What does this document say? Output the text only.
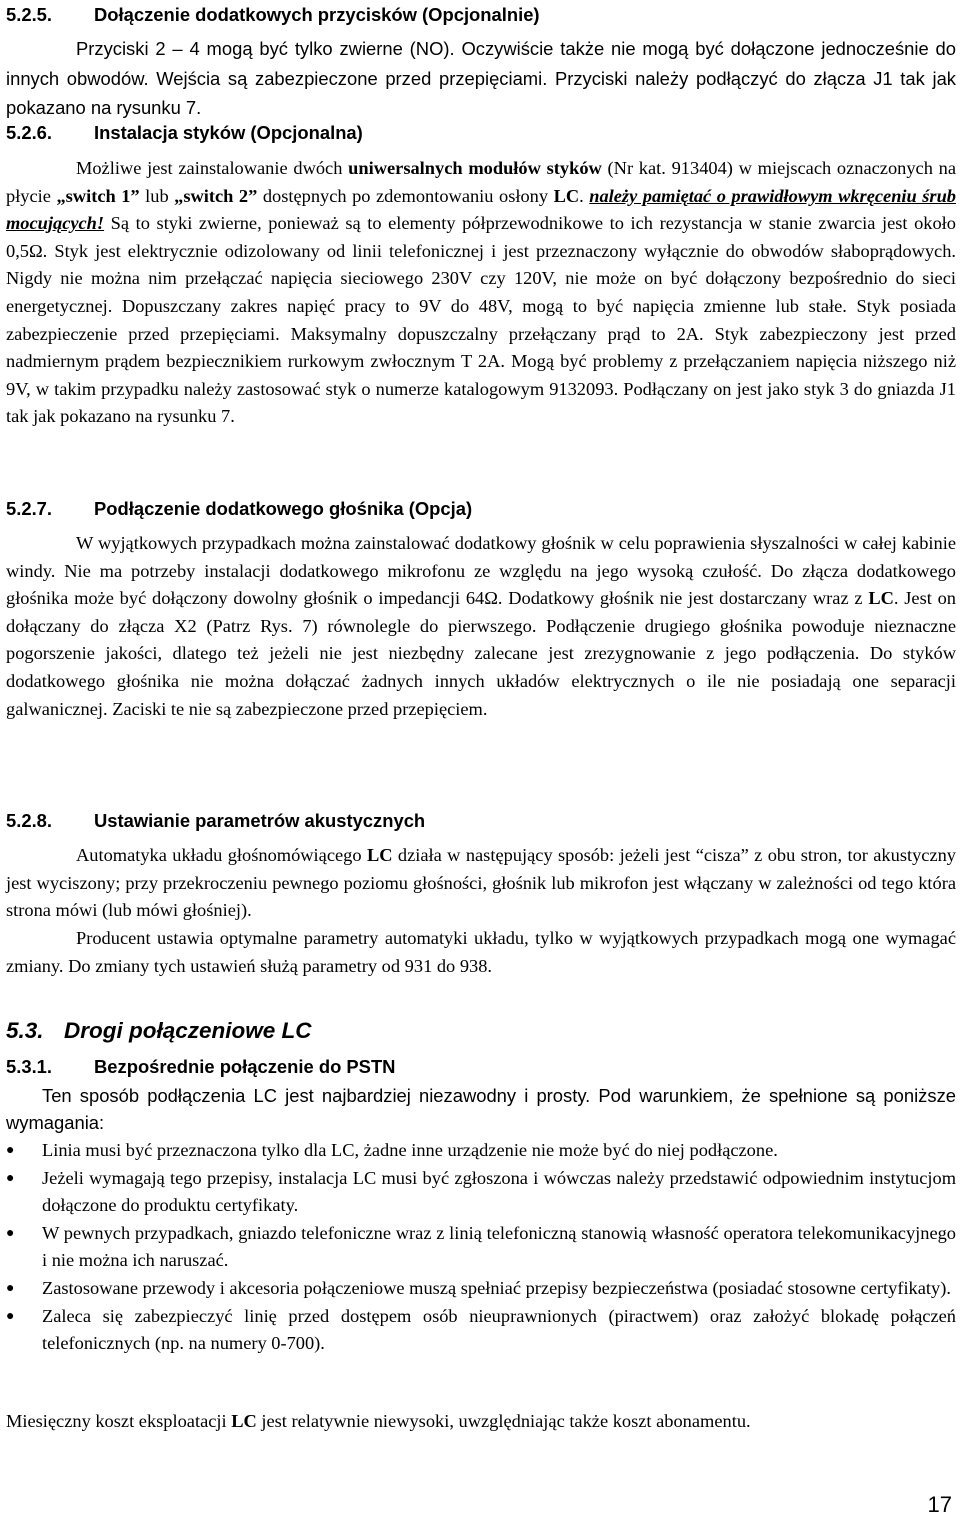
5.2.5.	Dołączenie dodatkowych przycisków (Opcjonalnie)

Przyciski 2 – 4 mogą być tylko zwierne (NO). Oczywiście także nie mogą być dołączone jednocześnie do innych obwodów. Wejścia są zabezpieczone przed przepięciami. Przyciski należy podłączyć do złącza J1 tak jak pokazano na rysunku 7.

5.2.6.	Instalacja styków (Opcjonalna)

Możliwe jest zainstalowanie dwóch uniwersalnych modułów styków (Nr kat. 913404) w miejscach oznaczonych na płycie „switch 1” lub „switch 2” dostępnych po zdemontowaniu osłony LC. należy pamiętać o prawidłowym wkręceniu śrub mocujących! Są to styki zwierne, ponieważ są to elementy półprzewodnikowe to ich rezystancja w stanie zwarcia jest około 0,5Ω. Styk jest elektrycznie odizolowany od linii telefonicznej i jest przeznaczony wyłącznie do obwodów słaboprądowych. Nigdy nie można nim przełączać napięcia sieciowego 230V czy 120V, nie może on być dołączony bezpośrednio do sieci energetycznej. Dopuszczany zakres napięć pracy to 9V do 48V, mogą to być napięcia zmienne lub stałe. Styk posiada zabezpieczenie przed przepięciami. Maksymalny dopuszczalny przełączany prąd to 2A. Styk zabezpieczony jest przed nadmiernym prądem bezpiecznikiem rurkowym zwłocznym T 2A. Mogą być problemy z przełączaniem napięcia niższego niż 9V, w takim przypadku należy zastosować styk o numerze katalogowym 9132093. Podłączany on jest jako styk 3 do gniazda J1 tak jak pokazano na rysunku 7.

5.2.7.	Podłączenie dodatkowego głośnika (Opcja)

W wyjątkowych przypadkach można zainstalować dodatkowy głośnik w celu poprawienia słyszalności w całej kabinie windy. Nie ma potrzeby instalacji dodatkowego mikrofonu ze względu na jego wysoką czułość. Do złącza dodatkowego głośnika może być dołączony dowolny głośnik o impedancji 64Ω. Dodatkowy głośnik nie jest dostarczany wraz z LC. Jest on dołączany do złącza X2 (Patrz Rys. 7) równolegle do pierwszego. Podłączenie drugiego głośnika powoduje nieznaczne pogorszenie jakości, dlatego też jeżeli nie jest niezbędny zalecane jest zrezygnowanie z jego podłączenia. Do styków dodatkowego głośnika nie można dołączać żadnych innych układów elektrycznych o ile nie posiadają one separacji galwanicznej. Zaciski te nie są zabezpieczone przed przepięciem.

5.2.8.	Ustawianie parametrów akustycznych

Automatyka układu głośnomówiącego LC działa w następujący sposób: jeżeli jest “cisza” z obu stron, tor akustyczny jest wyciszony; przy przekroczeniu pewnego poziomu głośności, głośnik lub mikrofon jest włączany w zależności od tego która strona mówi (lub mówi głośniej).

Producent ustawia optymalne parametry automatyki układu, tylko w wyjątkowych przypadkach mogą one wymagać zmiany. Do zmiany tych ustawień służą parametry od 931 do 938.

5.3. Drogi połączeniowe LC
5.3.1.	Bezpośrednie połączenie do PSTN

Ten sposób podłączenia LC jest najbardziej niezawodny i prosty. Pod warunkiem, że spełnione są poniższe wymagania:

● Linia musi być przeznaczona tylko dla LC, żadne inne urządzenie nie może być do niej podłączone.
● Jeżeli wymagają tego przepisy, instalacja LC musi być zgłoszona i wówczas należy przedstawić odpowiednim instytucjom dołączone do produktu certyfikaty.
● W pewnych przypadkach, gniazdo telefoniczne wraz z linią telefoniczną stanowią własność operatora telekomunikacyjnego i nie można ich naruszać.
● Zastosowane przewody i akcesoria połączeniowe muszą spełniać przepisy bezpieczeństwa (posiadać stosowne certyfikaty).
● Zaleca się zabezpieczyć linię przed dostępem osób nieuprawnionych (piractwem) oraz założyć blokadę połączeń telefonicznych (np. na numery 0-700).

Miesięczny koszt eksploatacji LC jest relatywnie niewysoki, uwzględniając także koszt abonamentu.

17
